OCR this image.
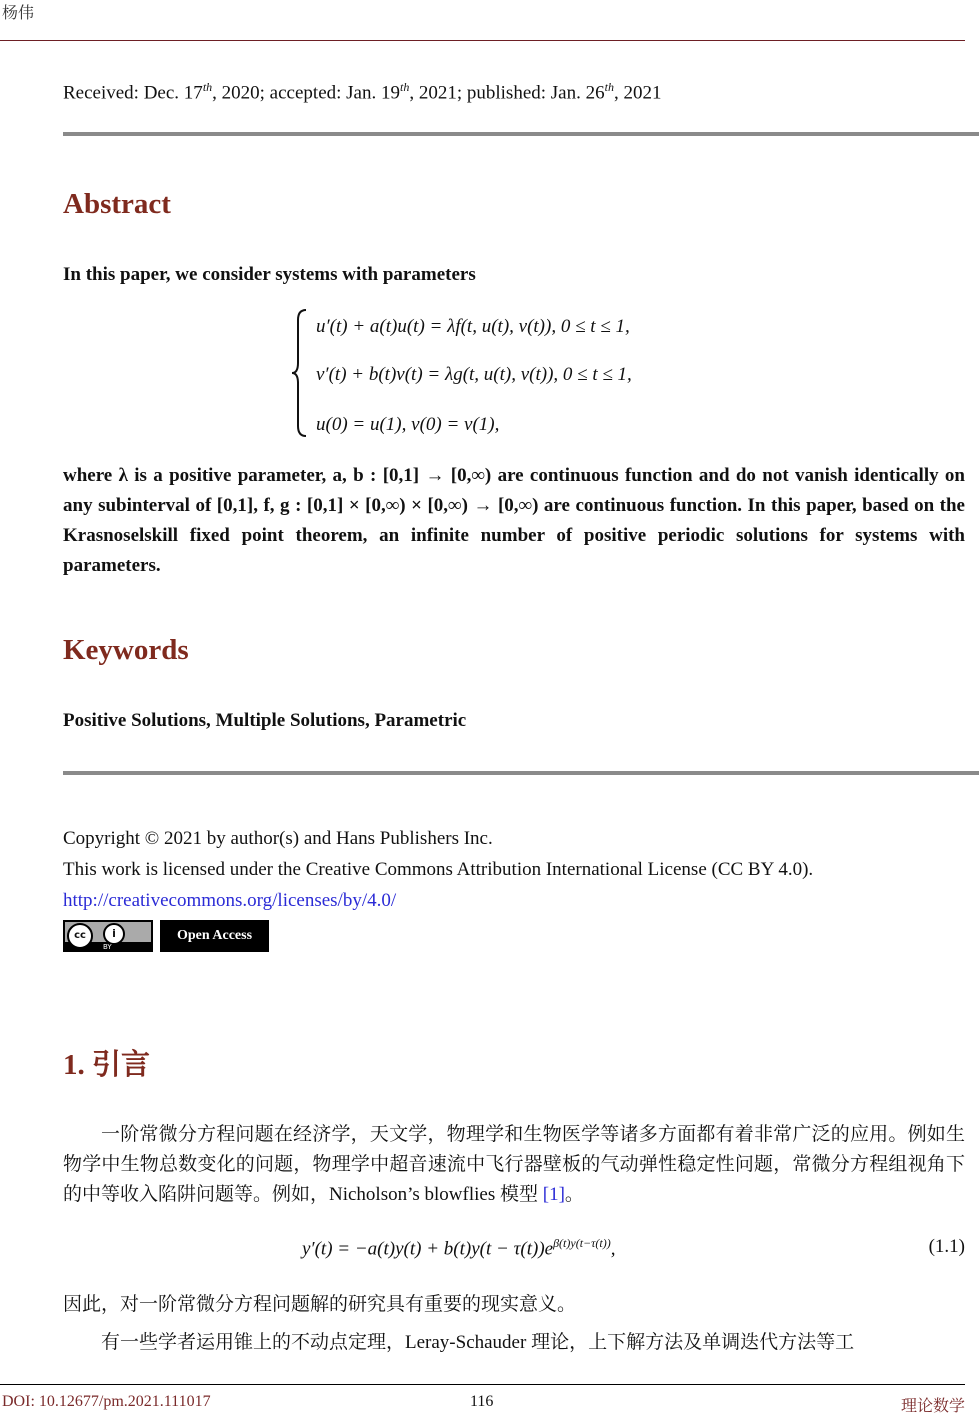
杨伟
Received: Dec. 17th, 2020; accepted: Jan. 19th, 2021; published: Jan. 26th, 2021
Abstract
In this paper, we consider systems with parameters
u′(t) + a(t)u(t) = λf(t, u(t), v(t)), 0 ≤ t ≤ 1,
v′(t) + b(t)v(t) = λg(t, u(t), v(t)), 0 ≤ t ≤ 1,
u(0) = u(1), v(0) = v(1),
where λ is a positive parameter, a, b : [0,1] → [0,∞) are continuous function and do not vanish identically on any subinterval of [0,1], f, g : [0,1] × [0,∞) × [0,∞) → [0,∞) are continuous function. In this paper, based on the Krasnoselskill fixed point theorem, an infinite number of positive periodic solutions for systems with parameters.
Keywords
Positive Solutions, Multiple Solutions, Parametric
Copyright © 2021 by author(s) and Hans Publishers Inc.
This work is licensed under the Creative Commons Attribution International License (CC BY 4.0).
http://creativecommons.org/licenses/by/4.0/
cc	i
BY
Open Access
1. 引言
一阶常微分方程问题在经济学，天文学，物理学和生物医学等诸多方面都有着非常广泛的应用。例如生物学中生物总数变化的问题，物理学中超音速流中飞行器壁板的气动弹性稳定性问题，常微分方程组视角下的中等收入陷阱问题等。例如，Nicholson’s blowflies 模型 [1]。
$y'(t) = -a(t)y(t) + b(t)y(t - \tau(t))e^{\beta(t)y(t-\tau(t))}$,	(1.1)
因此，对一阶常微分方程问题解的研究具有重要的现实意义。
有一些学者运用锥上的不动点定理，Leray-Schauder 理论，上下解方法及单调迭代方法等工
DOI: 10.12677/pm.2021.111017	116	理论数学
